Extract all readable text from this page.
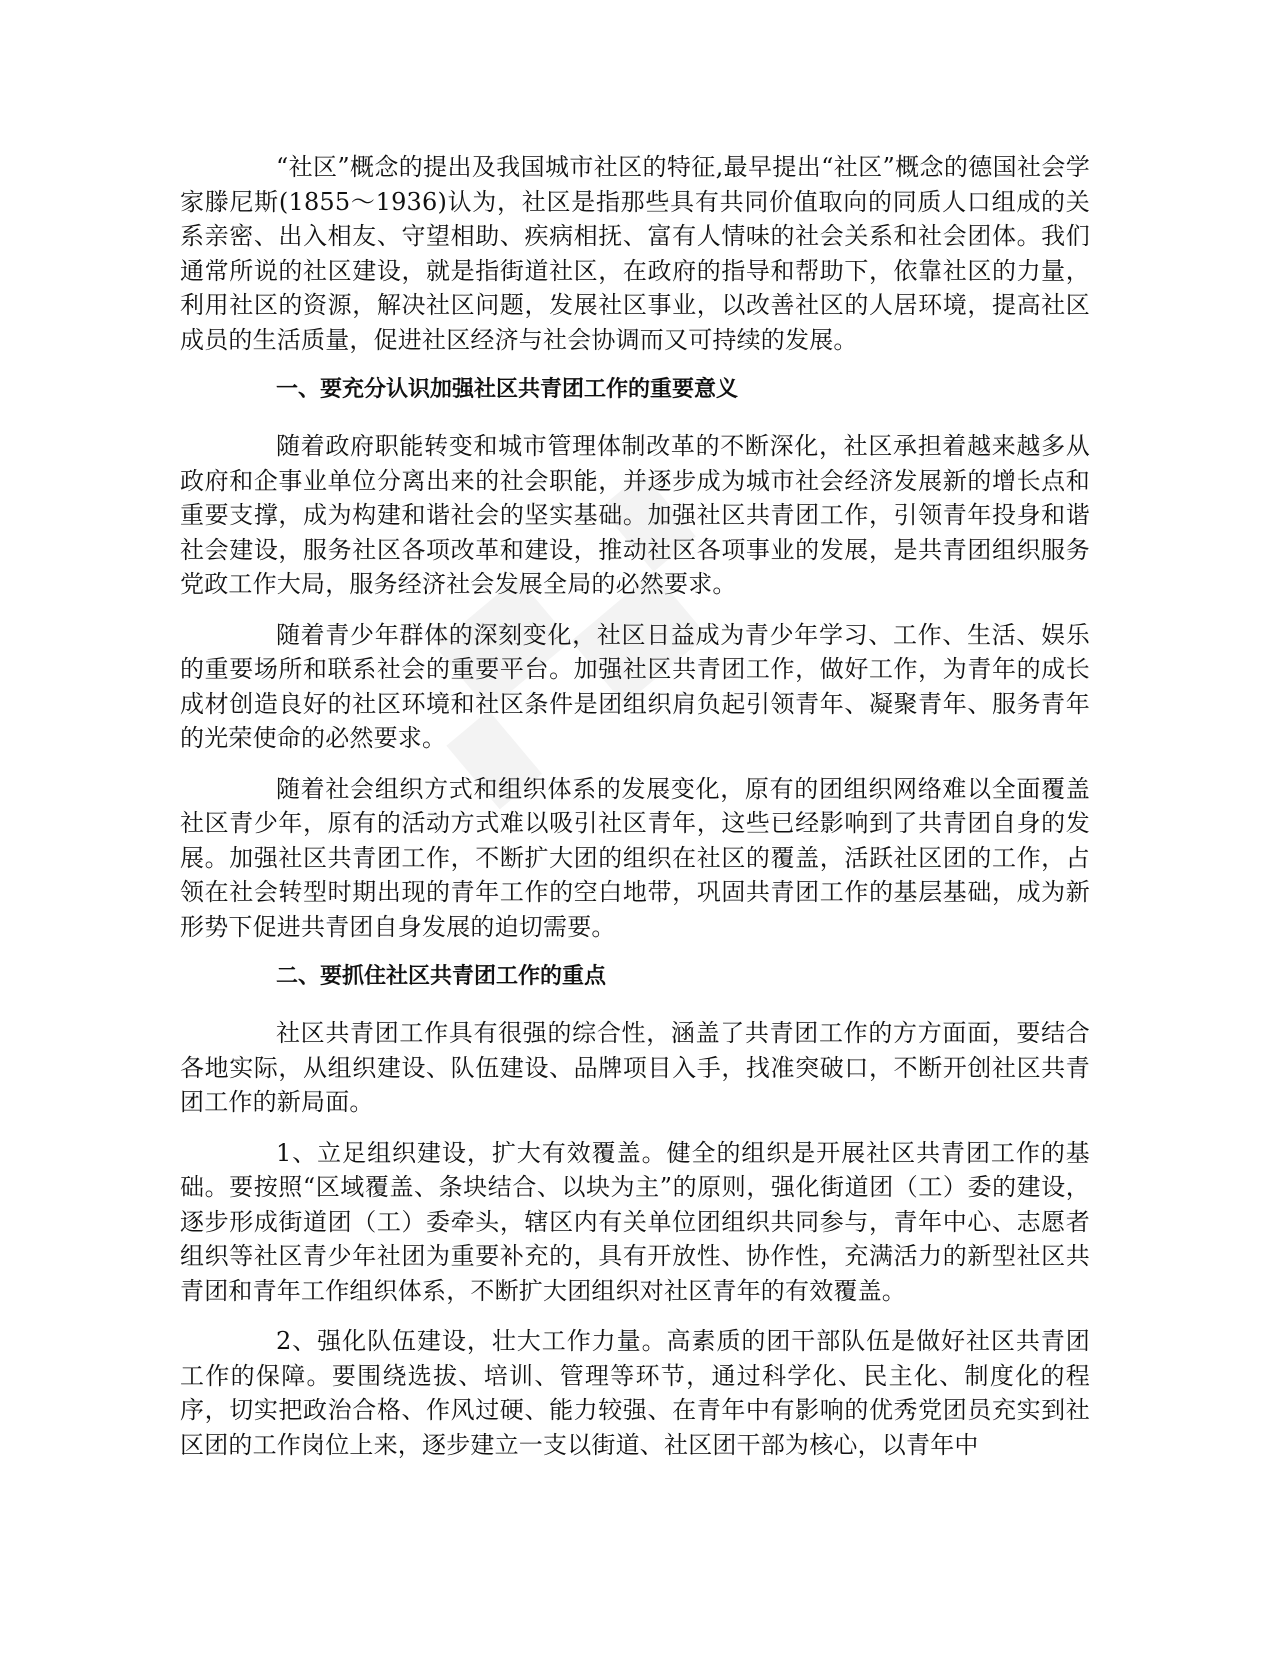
“社区”概念的提出及我国城市社区的特征,最早提出“社区”概念的德国社会学家滕尼斯(1855～1936)认为，社区是指那些具有共同价值取向的同质人口组成的关系亲密、出入相友、守望相助、疾病相抚、富有人情味的社会关系和社会团体。我们通常所说的社区建设，就是指街道社区，在政府的指导和帮助下，依靠社区的力量，利用社区的资源，解决社区问题，发展社区事业，以改善社区的人居环境，提高社区成员的生活质量，促进社区经济与社会协调而又可持续的发展。

一、要充分认识加强社区共青团工作的重要意义

随着政府职能转变和城市管理体制改革的不断深化，社区承担着越来越多从政府和企事业单位分离出来的社会职能，并逐步成为城市社会经济发展新的增长点和重要支撑，成为构建和谐社会的坚实基础。加强社区共青团工作，引领青年投身和谐社会建设，服务社区各项改革和建设，推动社区各项事业的发展，是共青团组织服务党政工作大局，服务经济社会发展全局的必然要求。

随着青少年群体的深刻变化，社区日益成为青少年学习、工作、生活、娱乐的重要场所和联系社会的重要平台。加强社区共青团工作，做好工作，为青年的成长成材创造良好的社区环境和社区条件是团组织肩负起引领青年、凝聚青年、服务青年的光荣使命的必然要求。

随着社会组织方式和组织体系的发展变化，原有的团组织网络难以全面覆盖社区青少年，原有的活动方式难以吸引社区青年，这些已经影响到了共青团自身的发展。加强社区共青团工作，不断扩大团的组织在社区的覆盖，活跃社区团的工作，占领在社会转型时期出现的青年工作的空白地带，巩固共青团工作的基层基础，成为新形势下促进共青团自身发展的迫切需要。

二、要抓住社区共青团工作的重点

社区共青团工作具有很强的综合性，涵盖了共青团工作的方方面面，要结合各地实际，从组织建设、队伍建设、品牌项目入手，找准突破口，不断开创社区共青团工作的新局面。

1、立足组织建设，扩大有效覆盖。健全的组织是开展社区共青团工作的基础。要按照“区域覆盖、条块结合、以块为主”的原则，强化街道团（工）委的建设，逐步形成街道团（工）委牵头，辖区内有关单位团组织共同参与，青年中心、志愿者组织等社区青少年社团为重要补充的，具有开放性、协作性，充满活力的新型社区共青团和青年工作组织体系，不断扩大团组织对社区青年的有效覆盖。

2、强化队伍建设，壮大工作力量。高素质的团干部队伍是做好社区共青团工作的保障。要围绕选拔、培训、管理等环节，通过科学化、民主化、制度化的程序，切实把政治合格、作风过硬、能力较强、在青年中有影响的优秀党团员充实到社区团的工作岗位上来，逐步建立一支以街道、社区团干部为核心，以青年中
